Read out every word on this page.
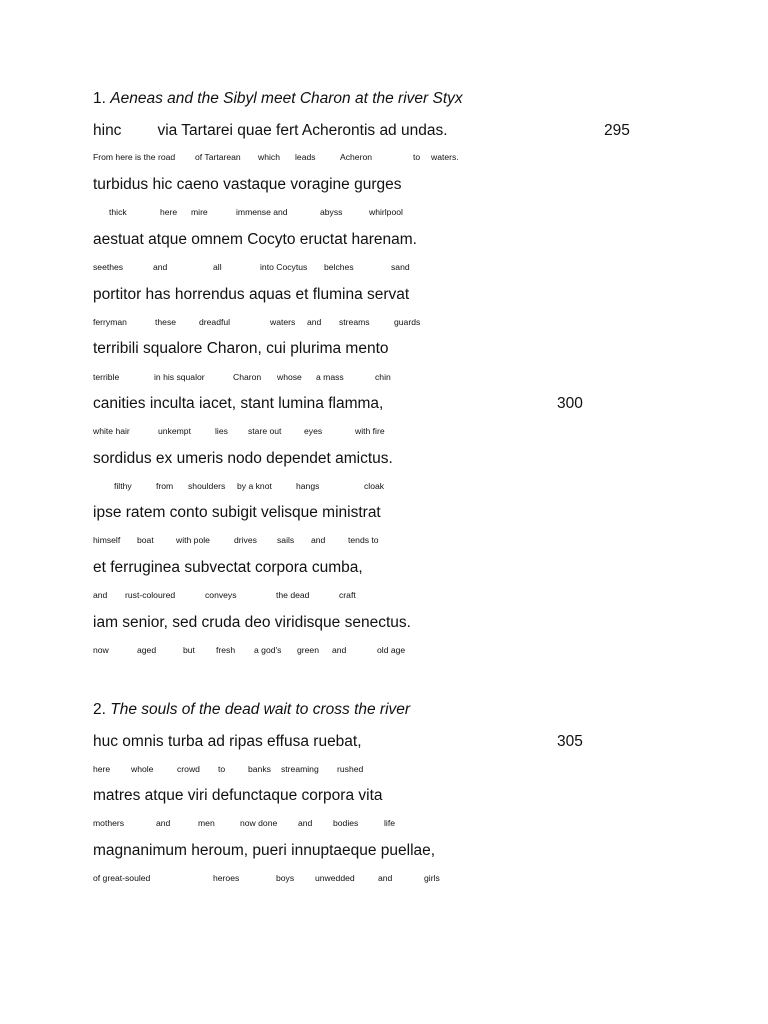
1. Aeneas and the Sibyl meet Charon at the river Styx
hinc via Tartarei quae fert Acherontis ad undas.	295
From here is the road of Tartarean which leads	Acheron	to waters.
turbidus hic caeno vastaque voragine gurges
thick	here mire	immense and	abyss	whirlpool
aestuat atque omnem Cocyto eructat harenam.
seethes	and	all	into Cocytus belches	sand
portitor has horrendus aquas et flumina servat
ferryman	these	dreadful	waters and streams	guards
terribili squalore Charon, cui plurima mento
terrible	in his squalor	Charon whose a mass	chin
canities inculta iacet, stant lumina flamma,	300
white hair	unkempt	lies stare out	eyes	with fire
sordidus ex umeris nodo dependet amictus.
filthy	from shoulders by a knot	hangs	cloak
ipse ratem conto subigit velisque ministrat
himself boat	with pole	drives sails and	tends to
et ferruginea subvectat corpora cumba,
and rust-coloured	conveys	the dead	craft
iam senior, sed cruda deo viridisque senectus.
now	aged	but fresh a god's green and	old age
2. The souls of the dead wait to cross the river
huc omnis turba ad ripas effusa ruebat,	305
here whole	crowd to	banks streaming rushed
matres atque viri defunctaque corpora vita
mothers	and	men	now done and bodies	life
magnanimum heroum, pueri innuptaeque puellae,
of great-souled	heroes	boys unwedded	and	girls
